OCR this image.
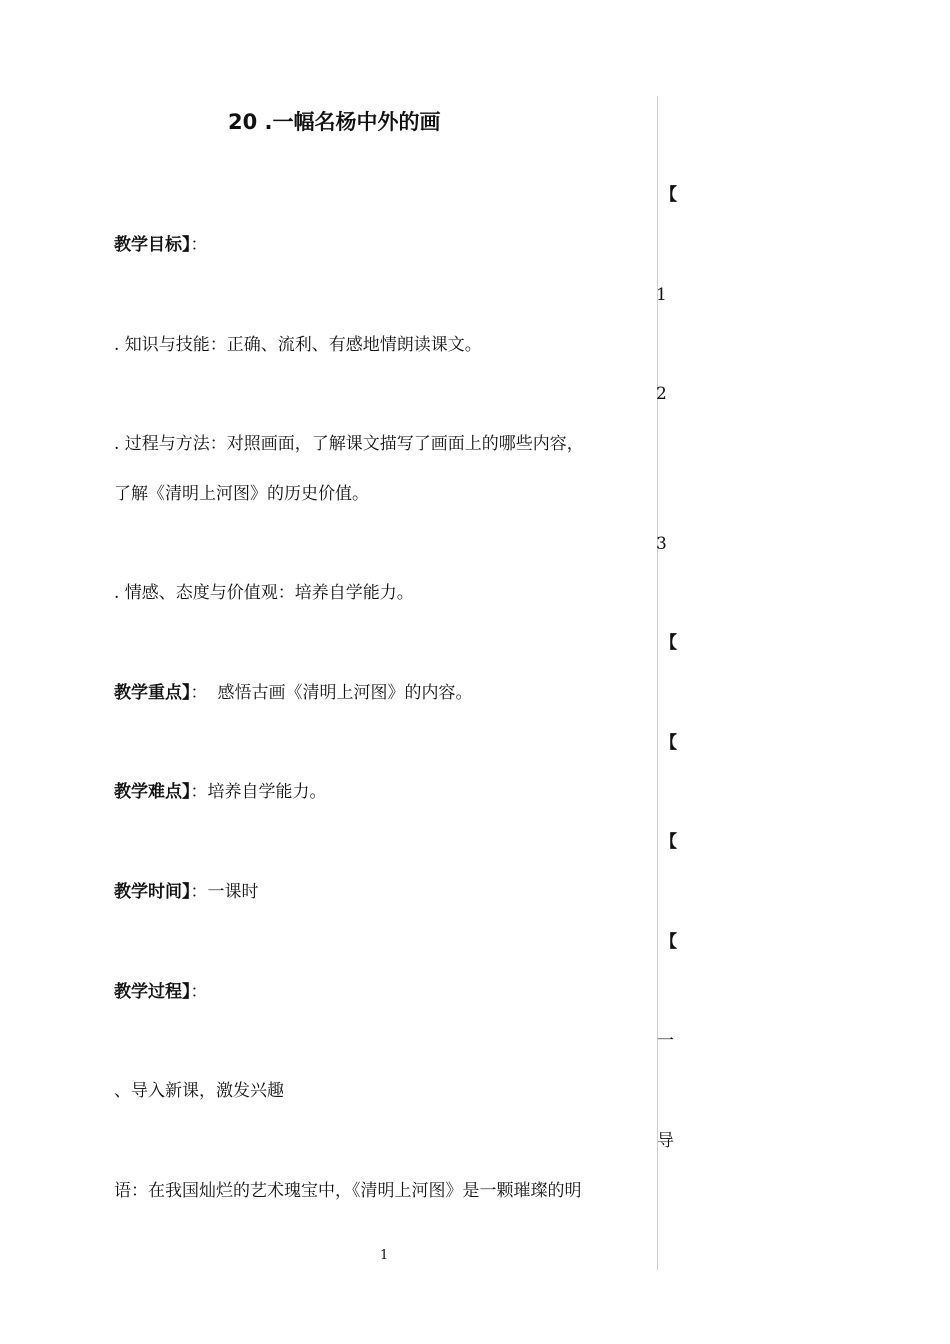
20 .一幅名杨中外的画
教学目标】：
. 知识与技能：正确、流利、有感地情朗读课文。
. 过程与方法：对照画面，了解课文描写了画面上的哪些内容，
了解《清明上河图》的历史价值。
. 情感、态度与价值观：培养自学能力。
教学重点】： 感悟古画《清明上河图》的内容。
教学难点】：培养自学能力。
教学时间】：一课时
教学过程】：
、导入新课，激发兴趣
语：在我国灿烂的艺术瑰宝中，《清明上河图》是一颗璀璨的明
1
【
1
2
3
【
【
【
【
一
导
